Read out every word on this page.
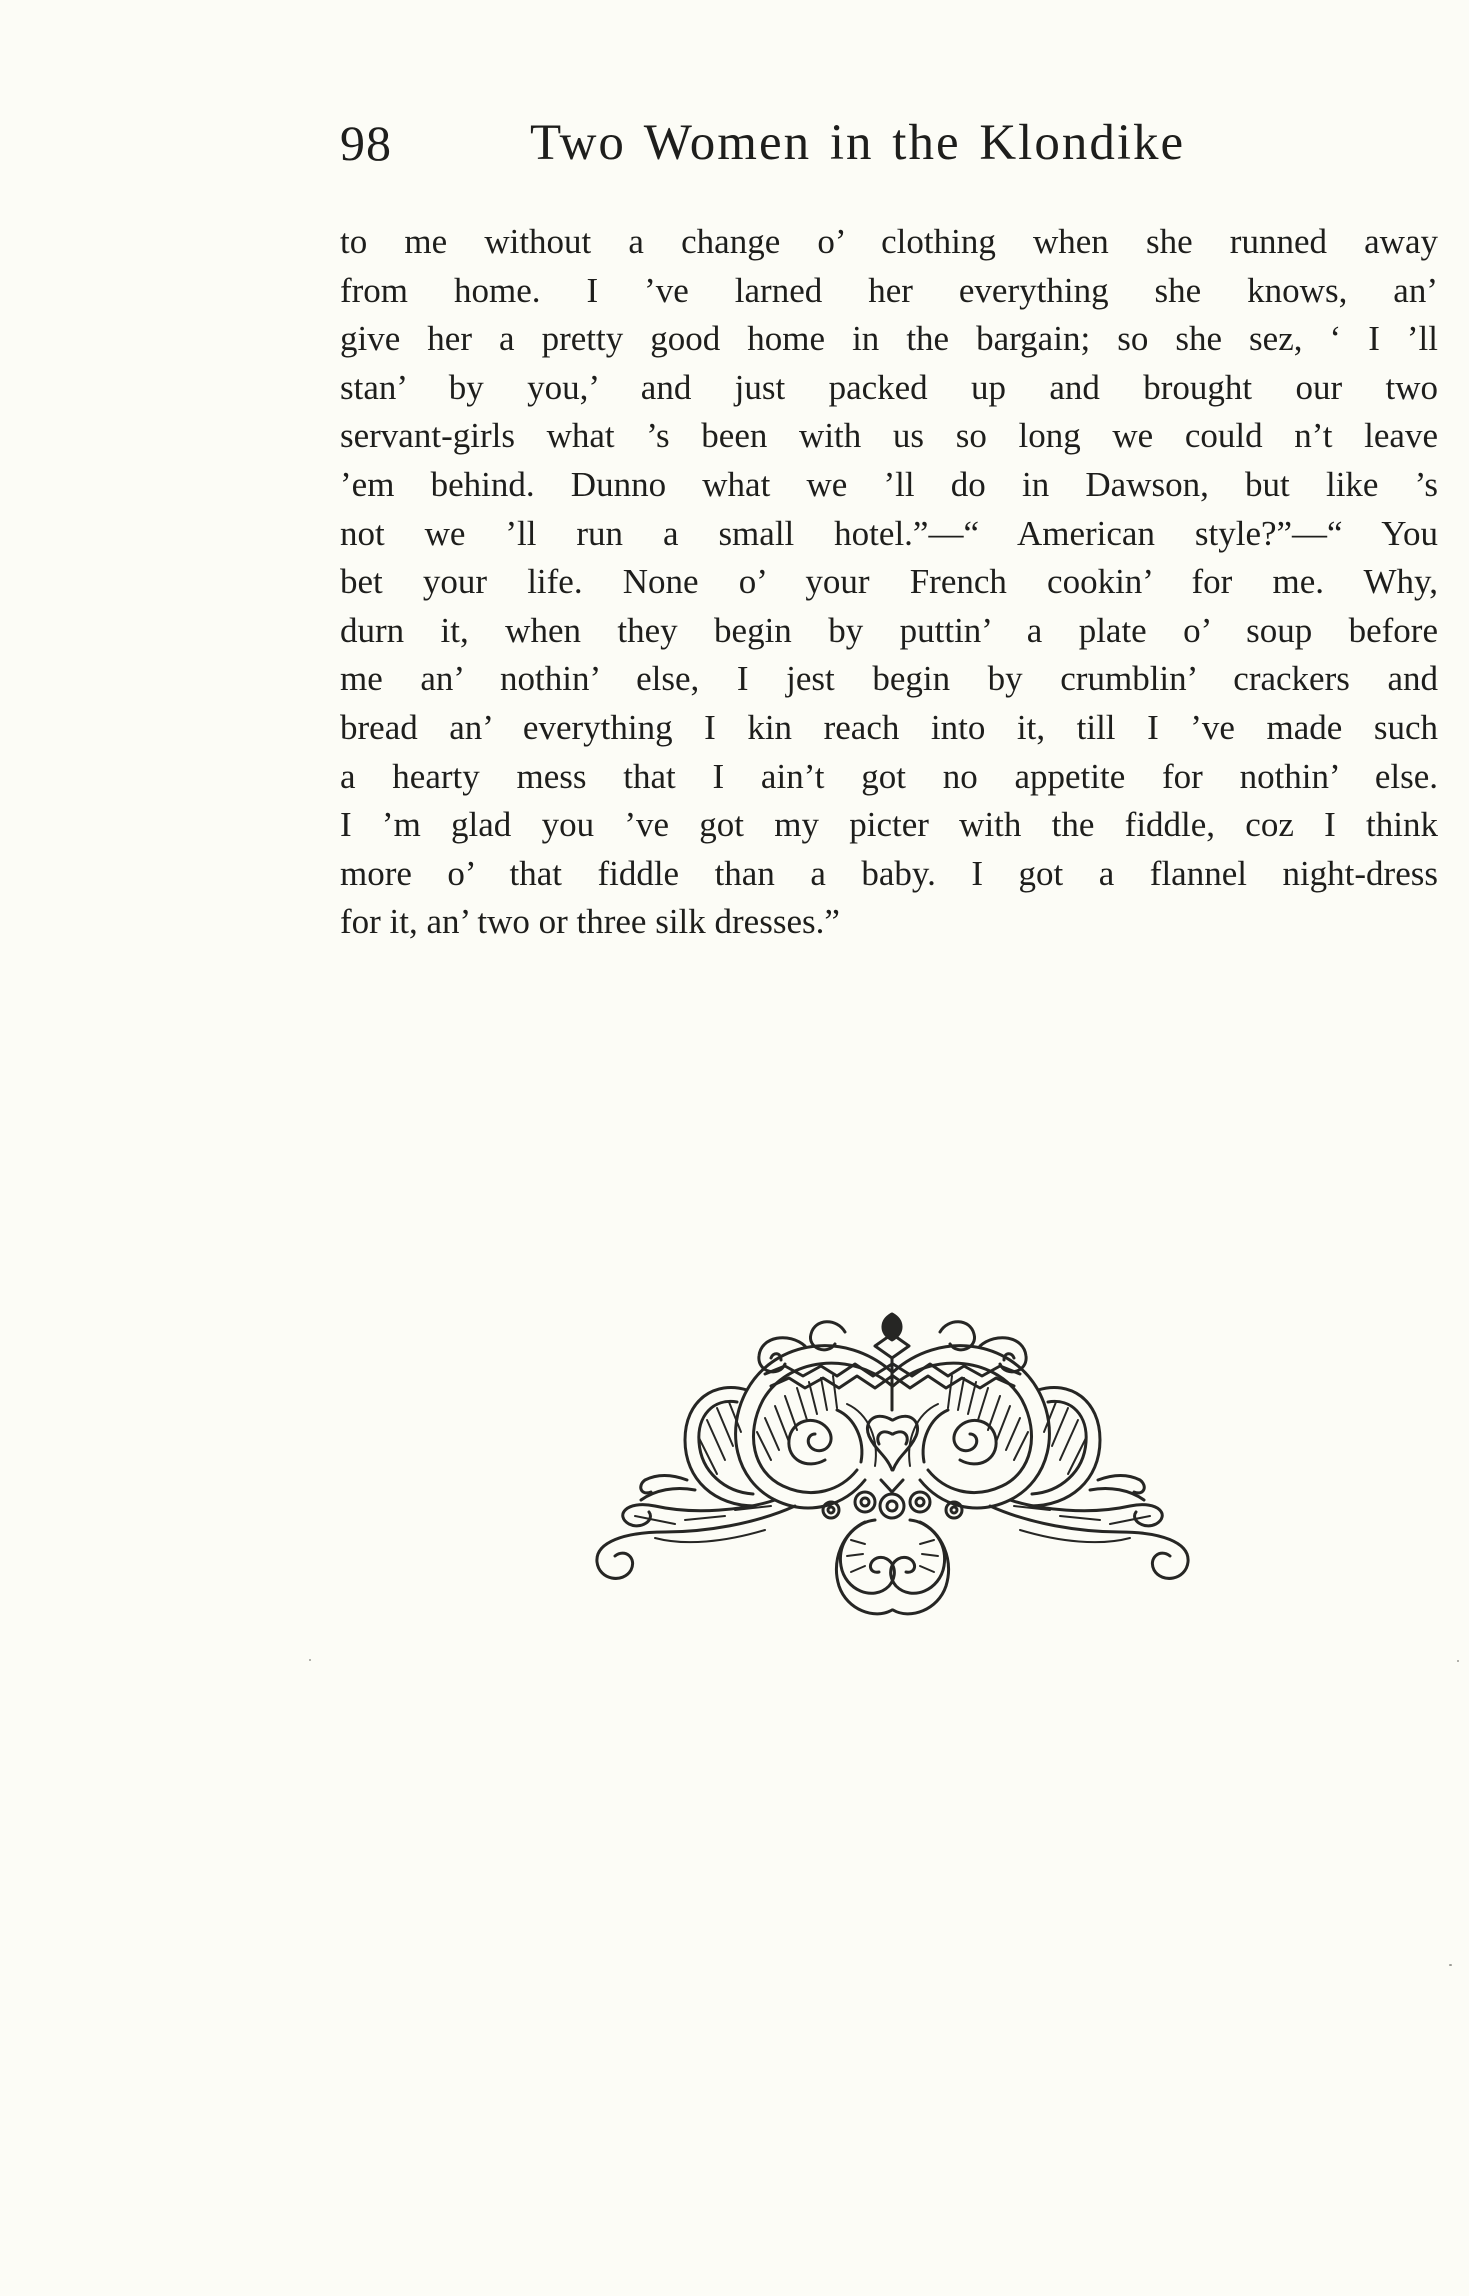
98	Two Women in the Klondike
to me without a change o’ clothing when she runned away
from home. I ’ve larned her everything she knows, an’
give her a pretty good home in the bargain; so she sez, ‘ I ’ll
stan’ by you,’ and just packed up and brought our two
servant-girls what ’s been with us so long we could n’t leave
’em behind. Dunno what we ’ll do in Dawson, but like ’s
not we ’ll run a small hotel.”—“ American style?”—“ You
bet your life. None o’ your French cookin’ for me. Why,
durn it, when they begin by puttin’ a plate o’ soup before
me an’ nothin’ else, I jest begin by crumblin’ crackers and
bread an’ everything I kin reach into it, till I ’ve made such
a hearty mess that I ain’t got no appetite for nothin’ else.
I ’m glad you ’ve got my picter with the fiddle, coz I think
more o’ that fiddle than a baby. I got a flannel night-dress
for it, an’ two or three silk dresses.”
